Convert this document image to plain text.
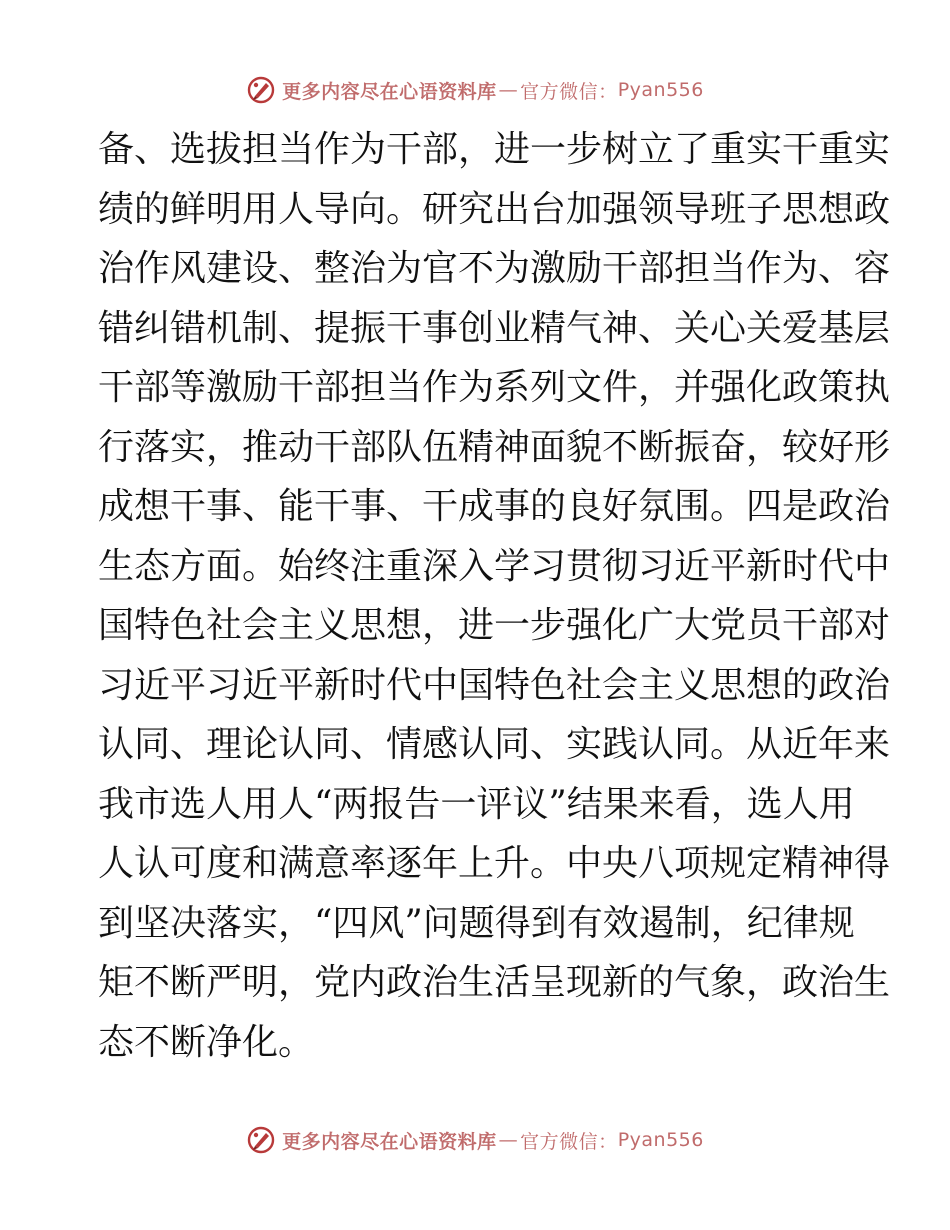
更多内容尽在心语资料库 — 官方微信： Pyan556
备、选拔担当作为干部，进一步树立了重实干重实
绩的鲜明用人导向。研究出台加强领导班子思想政
治作风建设、整治为官不为激励干部担当作为、容
错纠错机制、提振干事创业精气神、关心关爱基层
干部等激励干部担当作为系列文件，并强化政策执
行落实，推动干部队伍精神面貌不断振奋，较好形
成想干事、能干事、干成事的良好氛围。四是政治
生态方面。始终注重深入学习贯彻习近平新时代中
国特色社会主义思想，进一步强化广大党员干部对
习近平习近平新时代中国特色社会主义思想的政治
认同、理论认同、情感认同、实践认同。从近年来
我市选人用人“两报告一评议”结果来看，选人用
人认可度和满意率逐年上升。中央八项规定精神得
到坚决落实，“四风”问题得到有效遏制，纪律规
矩不断严明，党内政治生活呈现新的气象，政治生
态不断净化。
更多内容尽在心语资料库 — 官方微信： Pyan556
